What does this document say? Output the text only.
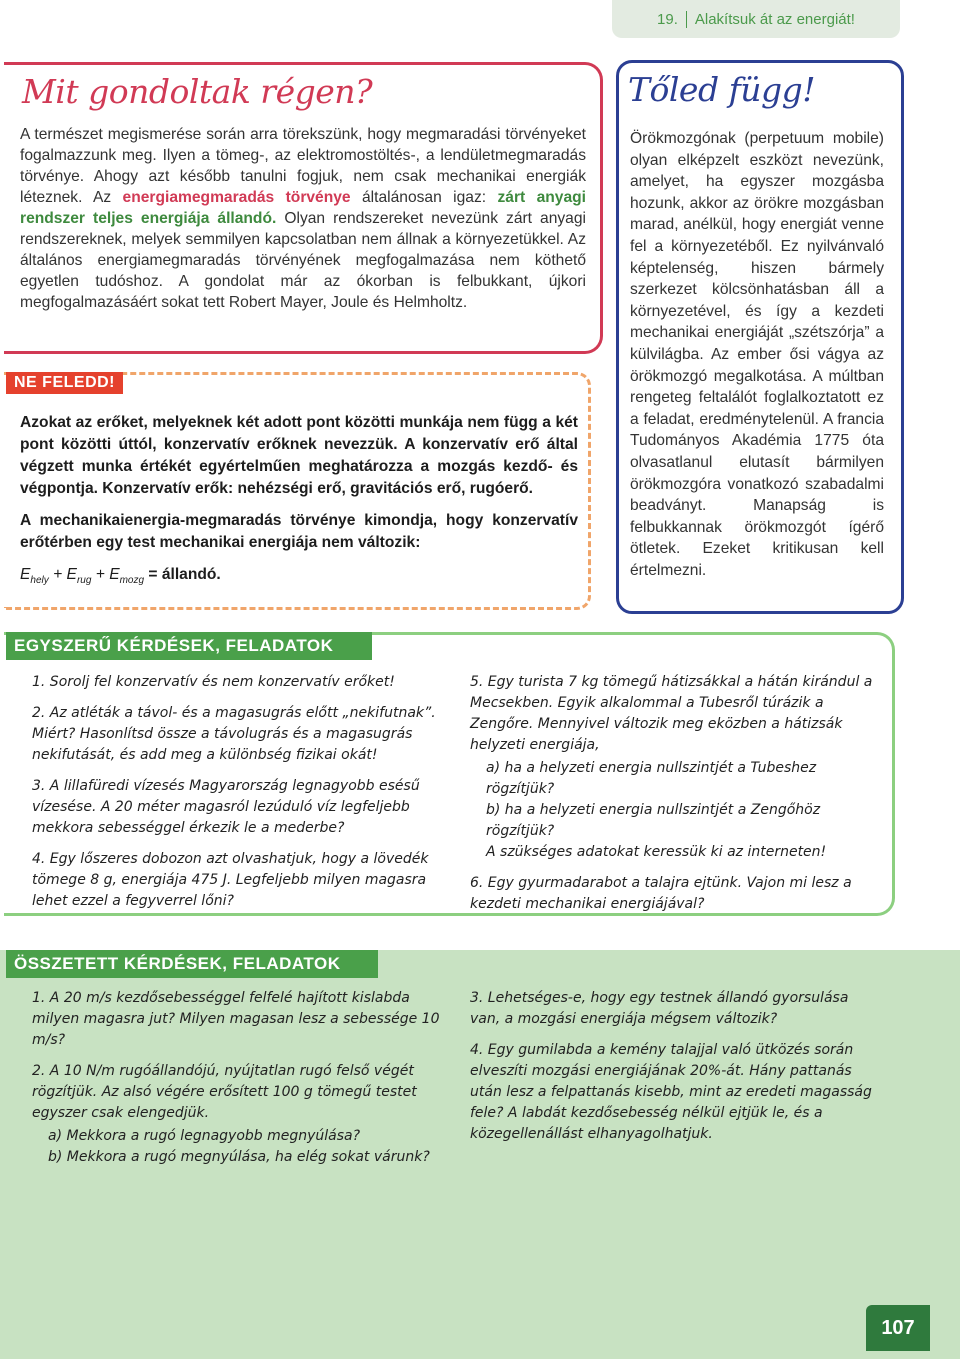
19.	Alakítsuk át az energiát!
Mit gondoltak régen?
A természet megismerése során arra törekszünk, hogy megmaradási törvényeket fogalmazzunk meg. Ilyen a tömeg-, az elektromostöltés-, a lendületmegmaradás törvénye. Ahogy azt később tanulni fogjuk, nem csak mechanikai energiák léteznek. Az energiamegmaradás törvénye általánosan igaz: zárt anyagi rendszer teljes energiája állandó. Olyan rendszereket nevezünk zárt anyagi rendszereknek, melyek semmilyen kapcsolatban nem állnak a környezetükkel. Az általános energiamegmaradás törvényének megfogalmazása nem köthető egyetlen tudóshoz. A gondolat már az ókorban is felbukkant, újkori megfogalmazásáért sokat tett Robert Mayer, Joule és Helmholtz.
NE FELEDD!
Azokat az erőket, melyeknek két adott pont közötti munkája nem függ a két pont közötti úttól, konzervatív erőknek nevezzük. A konzervatív erő által végzett munka értékét egyértelműen meghatározza a mozgás kezdő- és végpontja. Konzervatív erők: nehézségi erő, gravitációs erő, rugóerő.
A mechanikaienergia-megmaradás törvénye kimondja, hogy konzervatív erőtérben egy test mechanikai energiája nem változik:
$E_{hely} + E_{rug} + E_{mozg}$ = állandó.
Tőled függ!
Örökmozgónak (perpetuum mobile) olyan elképzelt eszközt nevezünk, amelyet, ha egyszer mozgásba hozunk, akkor az örökre mozgásban marad, anélkül, hogy energiát venne fel a környezetéből. Ez nyilvánvaló képtelenség, hiszen bármely szerkezet kölcsönhatásban áll a környezetével, és így a kezdeti mechanikai energiáját „szétszórja” a külvilágba. Az ember ősi vágya az örökmozgó megalkotása. A múltban rengeteg feltalálót foglalkoztatott ez a feladat, eredménytelenül. A francia Tudományos Akadémia 1775 óta olvasatlanul elutasít bármilyen örökmozgóra vonatkozó szabadalmi beadványt. Manapság is felbukkannak örökmozgót ígérő ötletek. Ezeket kritikusan kell értelmezni.
EGYSZERŰ KÉRDÉSEK, FELADATOK
1. Sorolj fel konzervatív és nem konzervatív erőket!
2. Az atléták a távol- és a magasugrás előtt „nekifutnak”. Miért? Hasonlítsd össze a távolugrás és a magasugrás nekifutását, és add meg a különbség fizikai okát!
3. A lillafüredi vízesés Magyarország legnagyobb esésű vízesése. A 20 méter magasról lezúduló víz legfeljebb mekkora sebességgel érkezik le a mederbe?
4. Egy lőszeres dobozon azt olvashatjuk, hogy a lövedék tömege 8 g, energiája 475 J. Legfeljebb milyen magasra lehet ezzel a fegyverrel lőni?
5. Egy turista 7 kg tömegű hátizsákkal a hátán kirándul a Mecsekben. Egyik alkalommal a Tubesről túrázik a Zengőre. Mennyivel változik meg eközben a hátizsák helyzeti energiája,
a) ha a helyzeti energia nullszintjét a Tubeshez rögzítjük?
b) ha a helyzeti energia nullszintjét a Zengőhöz rögzítjük?
A szükséges adatokat keressük ki az interneten!
6. Egy gyurmadarabot a talajra ejtünk. Vajon mi lesz a kezdeti mechanikai energiájával?
ÖSSZETETT KÉRDÉSEK, FELADATOK
1. A 20 m/s kezdősebességgel felfelé hajított kislabda milyen magasra jut? Milyen magasan lesz a sebessége 10 m/s?
2. A 10 N/m rugóállandójú, nyújtatlan rugó felső végét rögzítjük. Az alsó végére erősített 100 g tömegű testet egyszer csak elengedjük.
a) Mekkora a rugó legnagyobb megnyúlása?
b) Mekkora a rugó megnyúlása, ha elég sokat várunk?
3. Lehetséges-e, hogy egy testnek állandó gyorsulása van, a mozgási energiája mégsem változik?
4. Egy gumilabda a kemény talajjal való ütközés során elveszíti mozgási energiájának 20%-át. Hány pattanás után lesz a felpattanás kisebb, mint az eredeti magasság fele? A labdát kezdősebesség nélkül ejtjük le, és a közegellenállást elhanyagolhatjuk.
107
